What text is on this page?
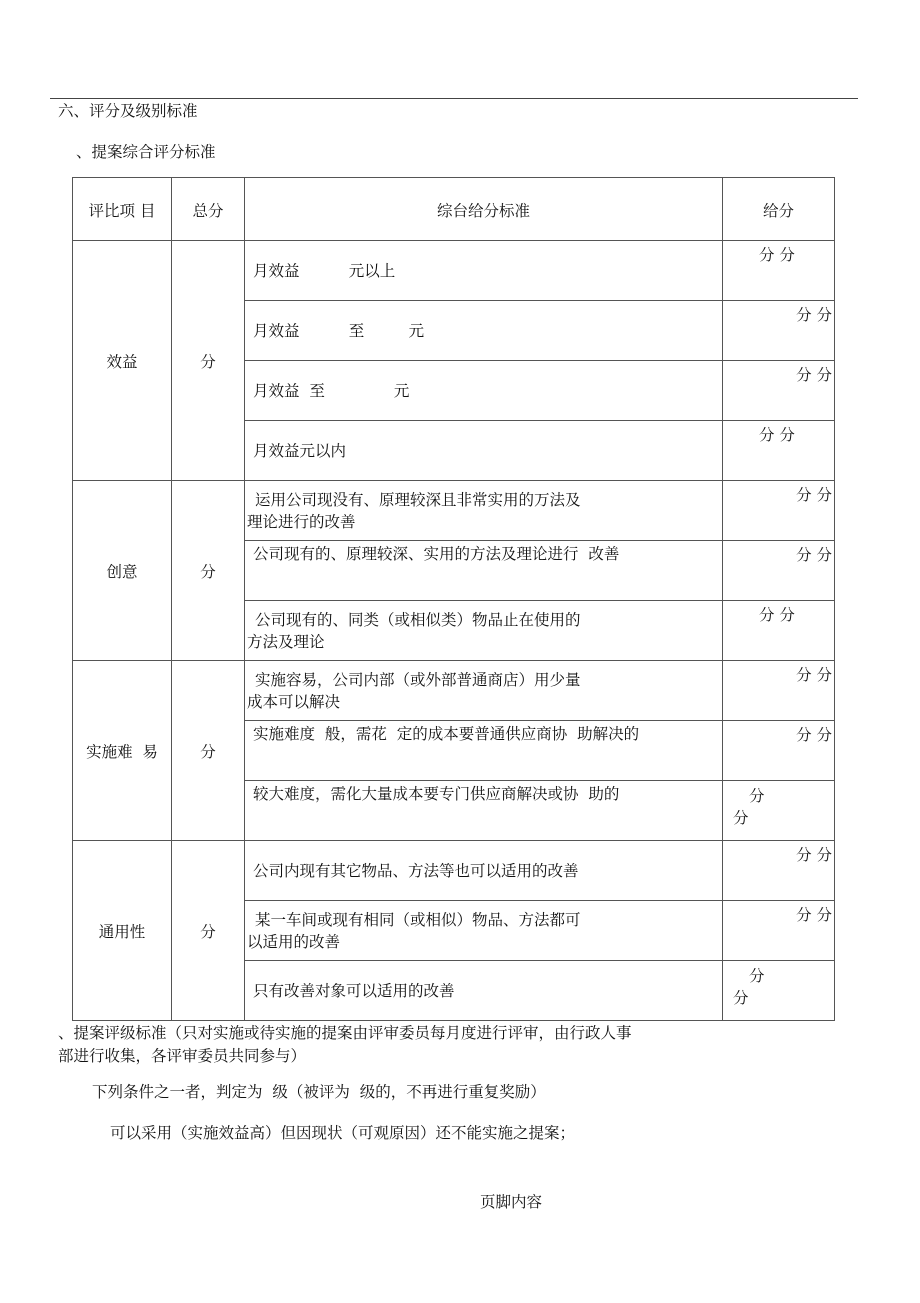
六、评分及级别标准
、提案综合评分标准
评比项 目	总分	综台给分标准	给分
效益	分	月效益          元以上	分 分

		月效益          至         元	分 分

		月效益  至              元	分 分

		月效益元以内	分 分

创意	分	运用公司现没有、原理较深且非常实用的万法及
理论进行的改善	分 分

		公司现有的、原理较深、实用的方法及理论进行  改善	分 分

		公司现有的、同类（或相似类）物品止在使用的
方法及理论	分 分

实施难  易	分	实施容易，公司内部（或外部普通商店）用少量
成本可以解决	分 分

		实施难度  般，需花  定的成本要普通供应商协  助解决的	分 分

		较大难度，需化大量成本要专门供应商解决或协  助的	分
分

通用性	分	公司内现有其它物品、方法等也可以适用的改善	分 分

		某一车间或现有相同（或相似）物品、方法都可
以适用的改善	分 分

		只有改善对象可以适用的改善	分
分
、提案评级标准（只对实施或待实施的提案由评审委员每月度进行评审，由行政人事
部进行收集，各评审委员共同参与）
下列条件之一者，判定为  级（被评为  级的，不再进行重复奖励）
可以采用（实施效益高）但因现状（可观原因）还不能实施之提案；
页脚内容
